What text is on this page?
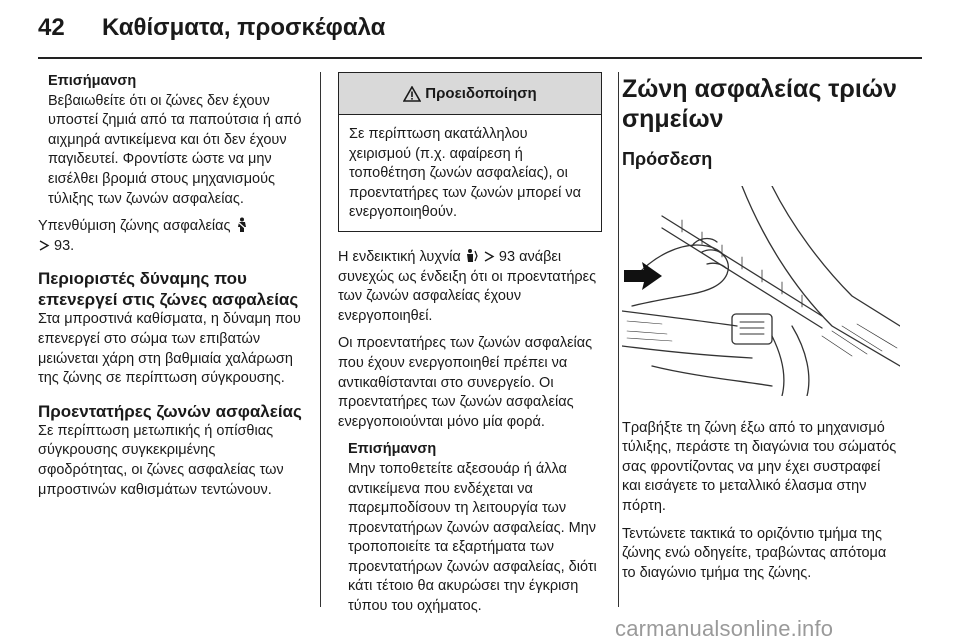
42 Καθίσματα, προσκέφαλα
Επισήμανση
Βεβαιωθείτε ότι οι ζώνες δεν έχουν υποστεί ζημιά από τα παπούτσια ή από αιχμηρά αντικείμενα και ότι δεν έχουν παγιδευτεί. Φροντίστε ώστε να μην εισέλθει βρομιά στους μηχανισμούς τύλιξης των ζωνών ασφαλείας.
Υπενθύμιση ζώνης ασφαλείας
93.
Περιοριστές δύναμης που επενεργεί στις ζώνες ασφαλείας
Στα μπροστινά καθίσματα, η δύναμη που επενεργεί στο σώμα των επιβατών μειώνεται χάρη στη βαθμιαία χαλάρωση της ζώνης σε περίπτωση σύγκρουσης.
Προεντατήρες ζωνών ασφαλείας
Σε περίπτωση μετωπικής ή οπίσθιας σύγκρουσης συγκεκριμένης σφοδρότητας, οι ζώνες ασφαλείας των μπροστινών καθισμάτων τεντώνουν.
Προειδοποίηση
Σε περίπτωση ακατάλληλου χειρισμού (π.χ. αφαίρεση ή τοποθέτηση ζωνών ασφαλείας), οι προεντατήρες των ζωνών μπορεί να ενεργοποιηθούν.
Η ενδεικτική λυχνία	93 ανάβει συνεχώς ως ένδειξη ότι οι προεντατήρες των ζωνών ασφαλείας έχουν ενεργοποιηθεί.
Οι προεντατήρες των ζωνών ασφαλείας που έχουν ενεργοποιηθεί πρέπει να αντικαθίστανται στο συνεργείο. Οι προεντατήρες των ζωνών ασφαλείας ενεργοποιούνται μόνο μία φορά.
Επισήμανση
Μην τοποθετείτε αξεσουάρ ή άλλα αντικείμενα που ενδέχεται να παρεμποδίσουν τη λειτουργία των προεντατήρων ζωνών ασφαλείας. Μην τροποποιείτε τα εξαρτήματα των προεντατήρων ζωνών ασφαλείας, διότι κάτι τέτοιο θα ακυρώσει την έγκριση τύπου του οχήματος.
Ζώνη ασφαλείας τριών σημείων
Πρόσδεση
Τραβήξτε τη ζώνη έξω από το μηχανισμό τύλιξης, περάστε τη διαγώνια του σώματός σας φροντίζοντας να μην έχει συστραφεί και εισάγετε το μεταλλικό έλασμα στην πόρτη.
Τεντώνετε τακτικά το οριζόντιο τμήμα της ζώνης ενώ οδηγείτε, τραβώντας απότομα το διαγώνιο τμήμα της ζώνης.
carmanualsonline.info
